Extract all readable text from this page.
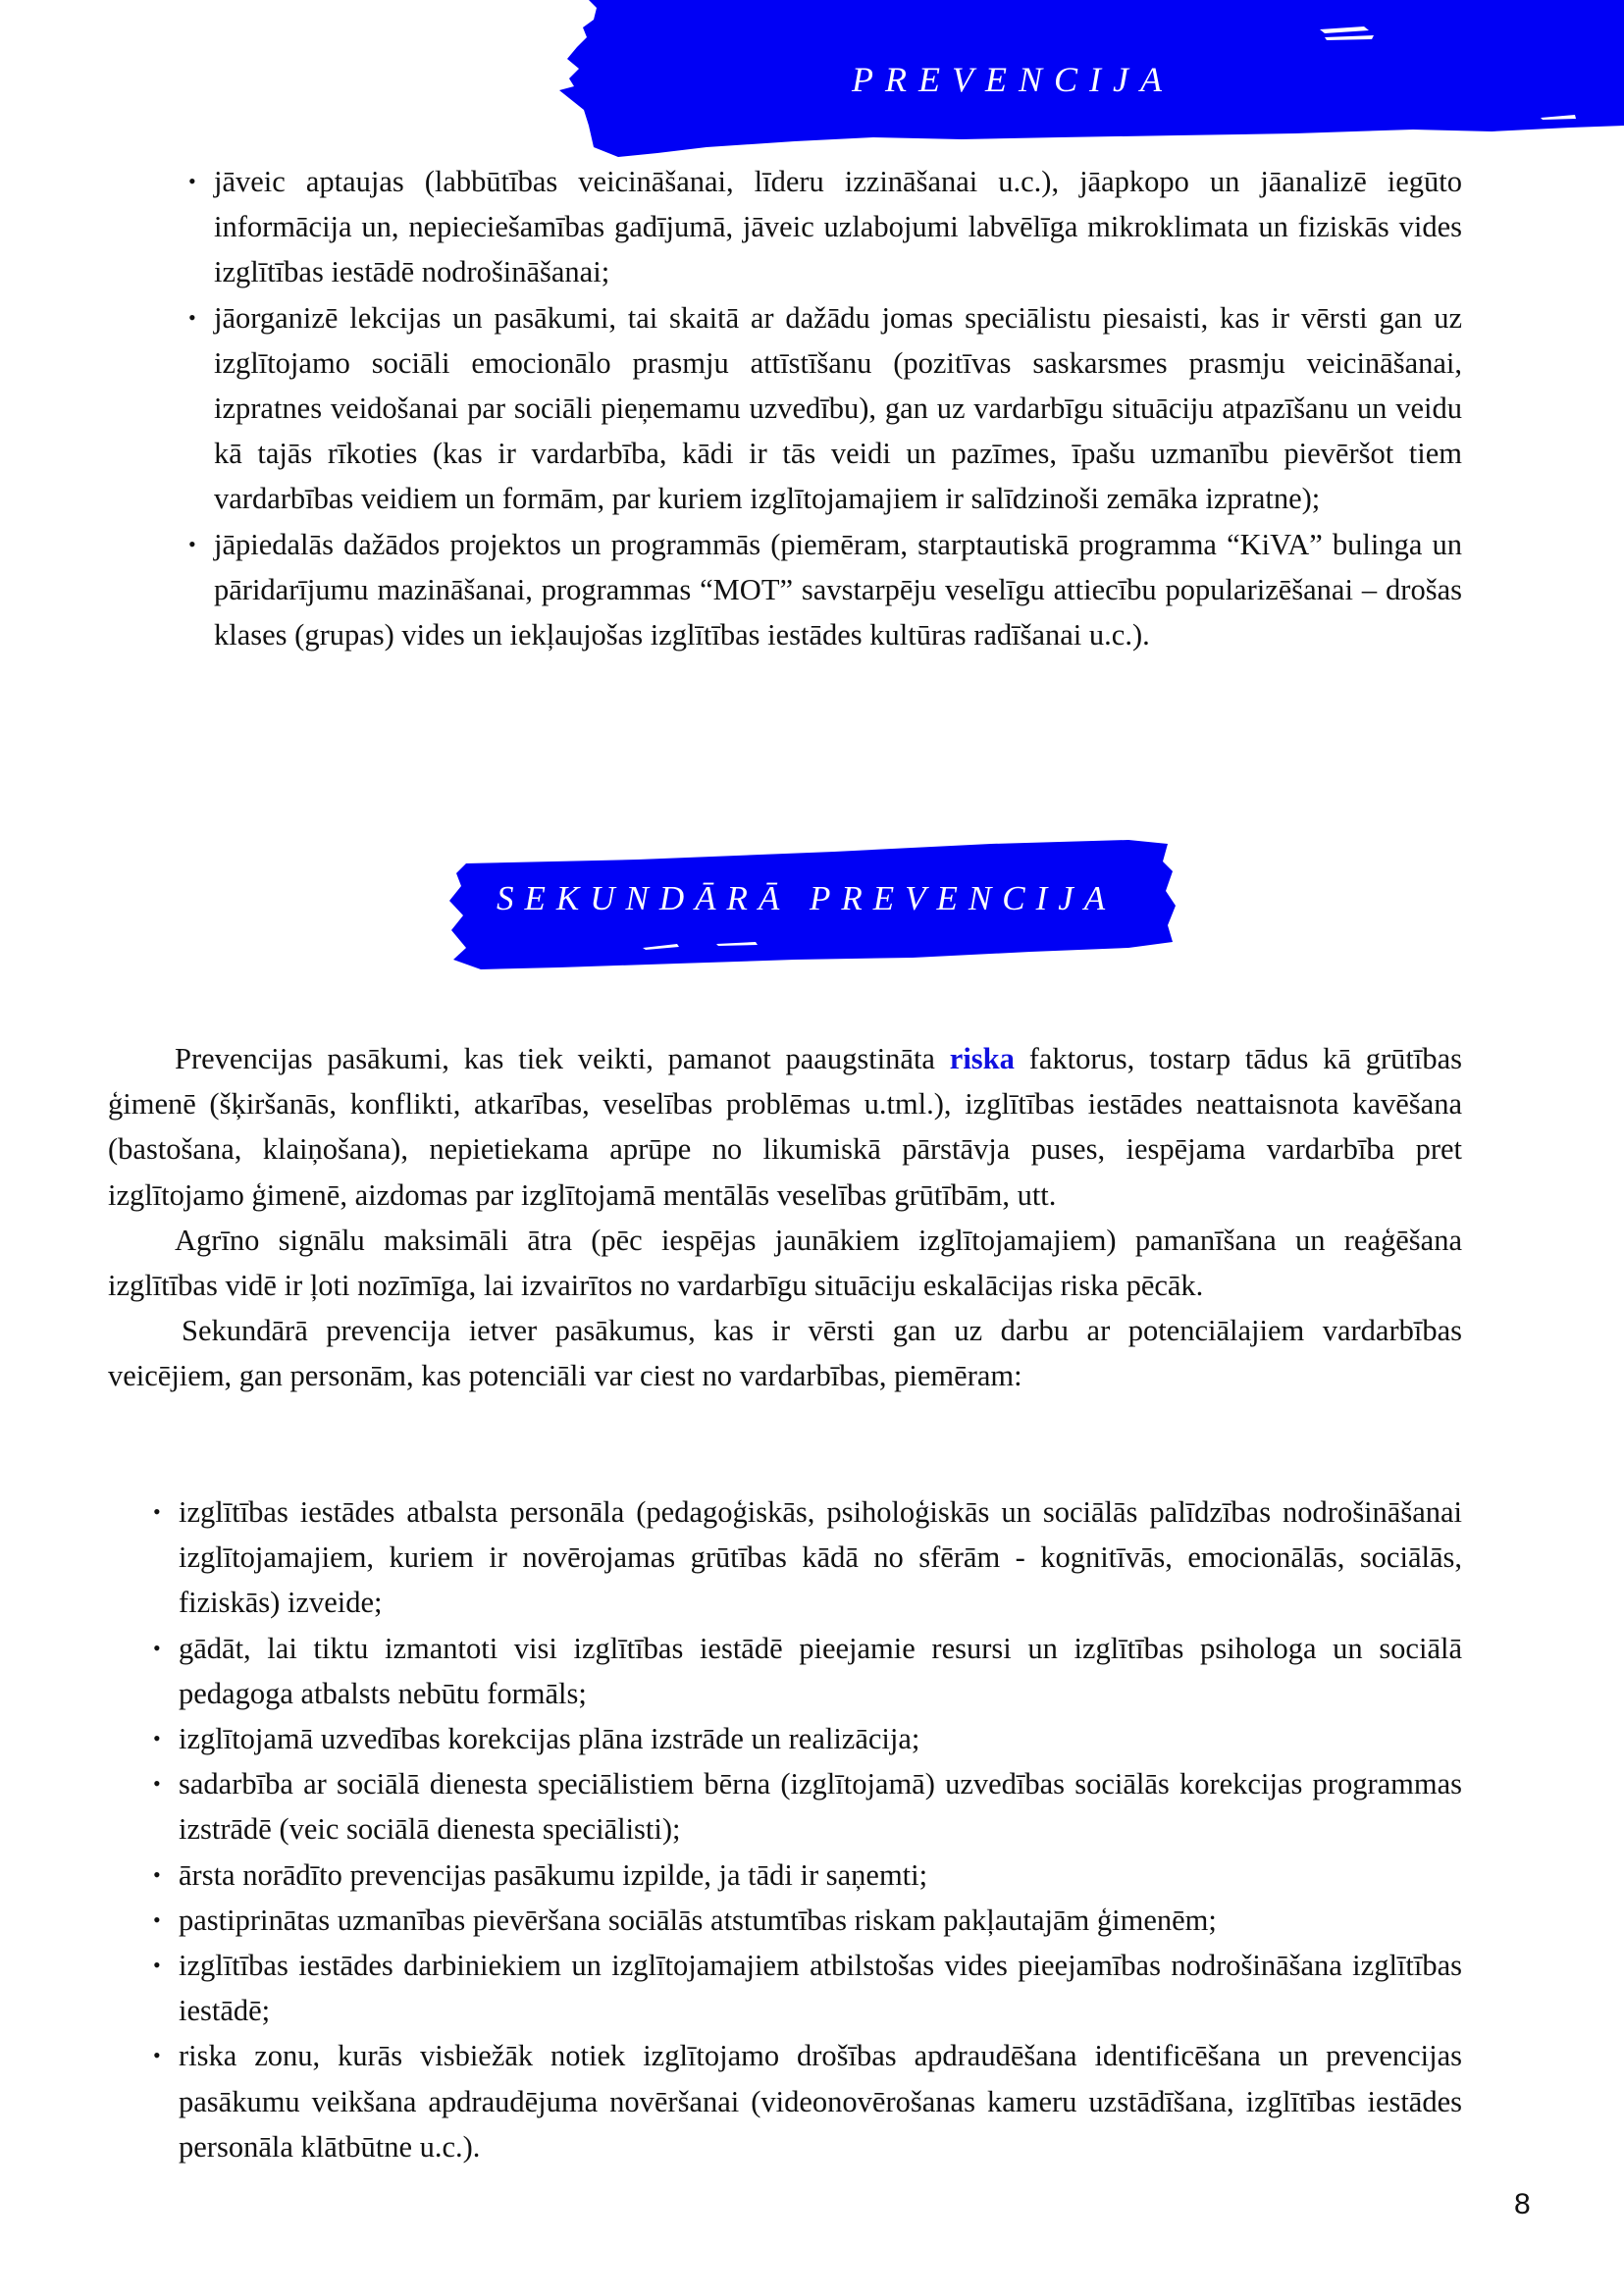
PREVENCIJA
• jāveic aptaujas (labbūtības veicināšanai, līderu izzināšanai u.c.), jāapkopo un jāanalizē iegūto informācija un, nepieciešamības gadījumā, jāveic uzlabojumi labvēlīga mikroklimata un fiziskās vides izglītības iestādē nodrošināšanai;
• jāorganizē lekcijas un pasākumi, tai skaitā ar dažādu jomas speciālistu piesaisti, kas ir vērsti gan uz izglītojamo sociāli emocionālo prasmju attīstīšanu (pozitīvas saskarsmes prasmju veicināšanai, izpratnes veidošanai par sociāli pieņemamu uzvedību), gan uz vardarbīgu situāciju atpazīšanu un veidu kā tajās rīkoties (kas ir vardarbība, kādi ir tās veidi un pazīmes, īpašu uzmanību pievēršot tiem vardarbības veidiem un formām, par kuriem izglītojamajiem ir salīdzinoši zemāka izpratne);
• jāpiedalās dažādos projektos un programmās (piemēram, starptautiskā programma “KiVA” bulinga un pāridarījumu mazināšanai, programmas “MOT” savstarpēju veselīgu attiecību popularizēšanai – drošas klases (grupas) vides un iekļaujošas izglītības iestādes kultūras radīšanai u.c.).
SEKUNDĀRĀ PREVENCIJA

Prevencijas pasākumi, kas tiek veikti, pamanot paaugstināta riska faktorus, tostarp tādus kā grūtības ģimenē (šķiršanās, konflikti, atkarības, veselības problēmas u.tml.), izglītības iestādes neattaisnota kavēšana (bastošana, klaiņošana), nepietiekama aprūpe no likumiskā pārstāvja puses, iespējama vardarbība pret izglītojamo ģimenē, aizdomas par izglītojamā mentālās veselības grūtībām, utt.

Agrīno signālu maksimāli ātra (pēc iespējas jaunākiem izglītojamajiem) pamanīšana un reaģēšana izglītības vidē ir ļoti nozīmīga, lai izvairītos no vardarbīgu situāciju eskalācijas riska pēcāk.

Sekundārā prevencija ietver pasākumus, kas ir vērsti gan uz darbu ar potenciālajiem vardarbības veicējiem, gan personām, kas potenciāli var ciest no vardarbības, piemēram:

• izglītības iestādes atbalsta personāla (pedagoģiskās, psiholoģiskās un sociālās palīdzības nodrošināšanai izglītojamajiem, kuriem ir novērojamas grūtības kādā no sfērām - kognitīvās, emocionālās, sociālās, fiziskās) izveide;
• gādāt, lai tiktu izmantoti visi izglītības iestādē pieejamie resursi un izglītības psihologa un sociālā pedagoga atbalsts nebūtu formāls;
• izglītojamā uzvedības korekcijas plāna izstrāde un realizācija;
• sadarbība ar sociālā dienesta speciālistiem bērna (izglītojamā) uzvedības sociālās korekcijas programmas izstrādē (veic sociālā dienesta speciālisti);
• ārsta norādīto prevencijas pasākumu izpilde, ja tādi ir saņemti;
• pastiprinātas uzmanības pievēršana sociālās atstumtības riskam pakļautajām ģimenēm;
• izglītības iestādes darbiniekiem un izglītojamajiem atbilstošas vides pieejamības nodrošināšana izglītības iestādē;
• riska zonu, kurās visbiežāk notiek izglītojamo drošības apdraudēšana identificēšana un prevencijas pasākumu veikšana apdraudējuma novēršanai (videonovērošanas kameru uzstādīšana, izglītības iestādes personāla klātbūtne u.c.).
8
